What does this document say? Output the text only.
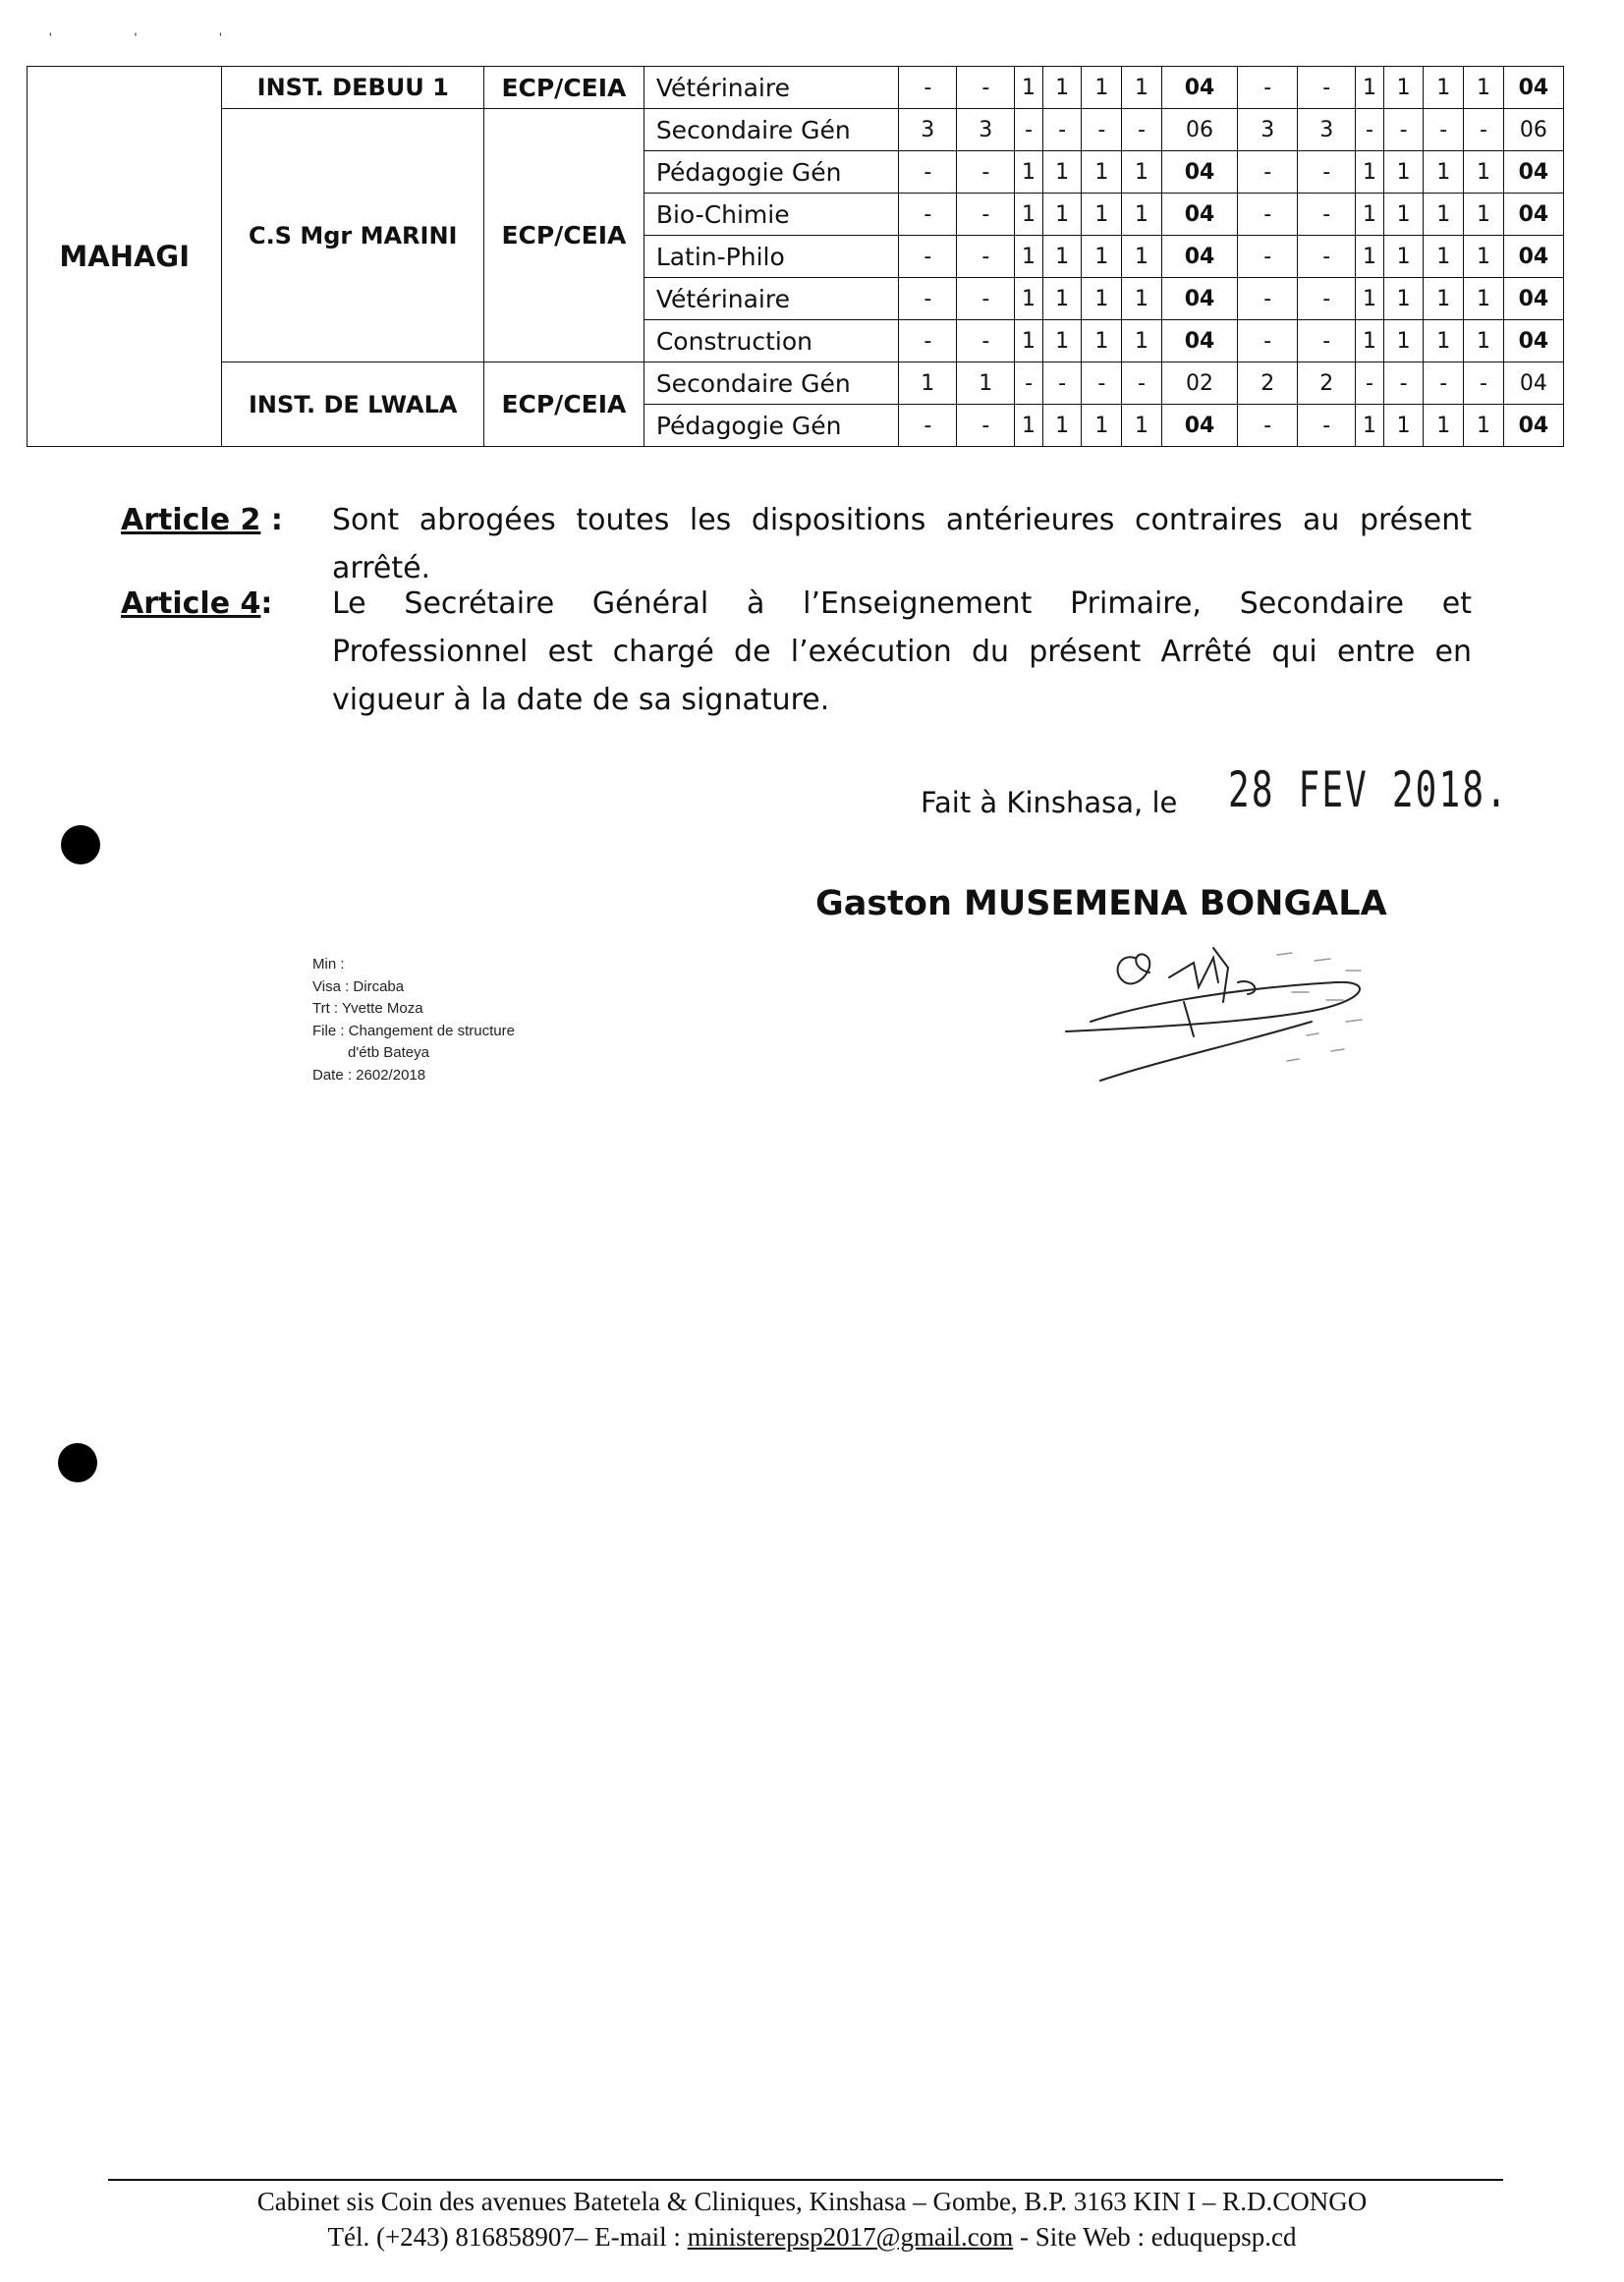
' ' '
MAHAGI	INST. DEBUU 1	ECP/CEIA	Vétérinaire	-	-	1	1	1	1	04	-	-	1	1	1	1	04
	C.S Mgr MARINI	ECP/CEIA	Secondaire Gén	3	3	-	-	-	-	06	3	3	-	-	-	-	06
			Pédagogie Gén	-	-	1	1	1	1	04	-	-	1	1	1	1	04
			Bio-Chimie	-	-	1	1	1	1	04	-	-	1	1	1	1	04
			Latin-Philo	-	-	1	1	1	1	04	-	-	1	1	1	1	04
			Vétérinaire	-	-	1	1	1	1	04	-	-	1	1	1	1	04
			Construction	-	-	1	1	1	1	04	-	-	1	1	1	1	04
	INST. DE LWALA	ECP/CEIA	Secondaire Gén	1	1	-	-	-	-	02	2	2	-	-	-	-	04
			Pédagogie Gén	-	-	1	1	1	1	04	-	-	1	1	1	1	04
Article 2 : Sont abrogées toutes les dispositions antérieures contraires au présent arrêté.
Article 4: Le Secrétaire Général à l’Enseignement Primaire, Secondaire et Professionnel est chargé de l’exécution du présent Arrêté qui entre en vigueur à la date de sa signature.
Fait à Kinshasa, le 28 FEV 2018.
Gaston MUSEMENA BONGALA
Min :
Visa : Dircaba
Trt : Yvette Moza
File : Changement de structure
d'étb Bateya
Date : 2602/2018
Cabinet sis Coin des avenues Batetela & Cliniques, Kinshasa – Gombe, B.P. 3163 KIN I – R.D.CONGO
Tél. (+243) 816858907– E-mail : ministerepsp2017@gmail.com - Site Web : eduquepsp.cd
